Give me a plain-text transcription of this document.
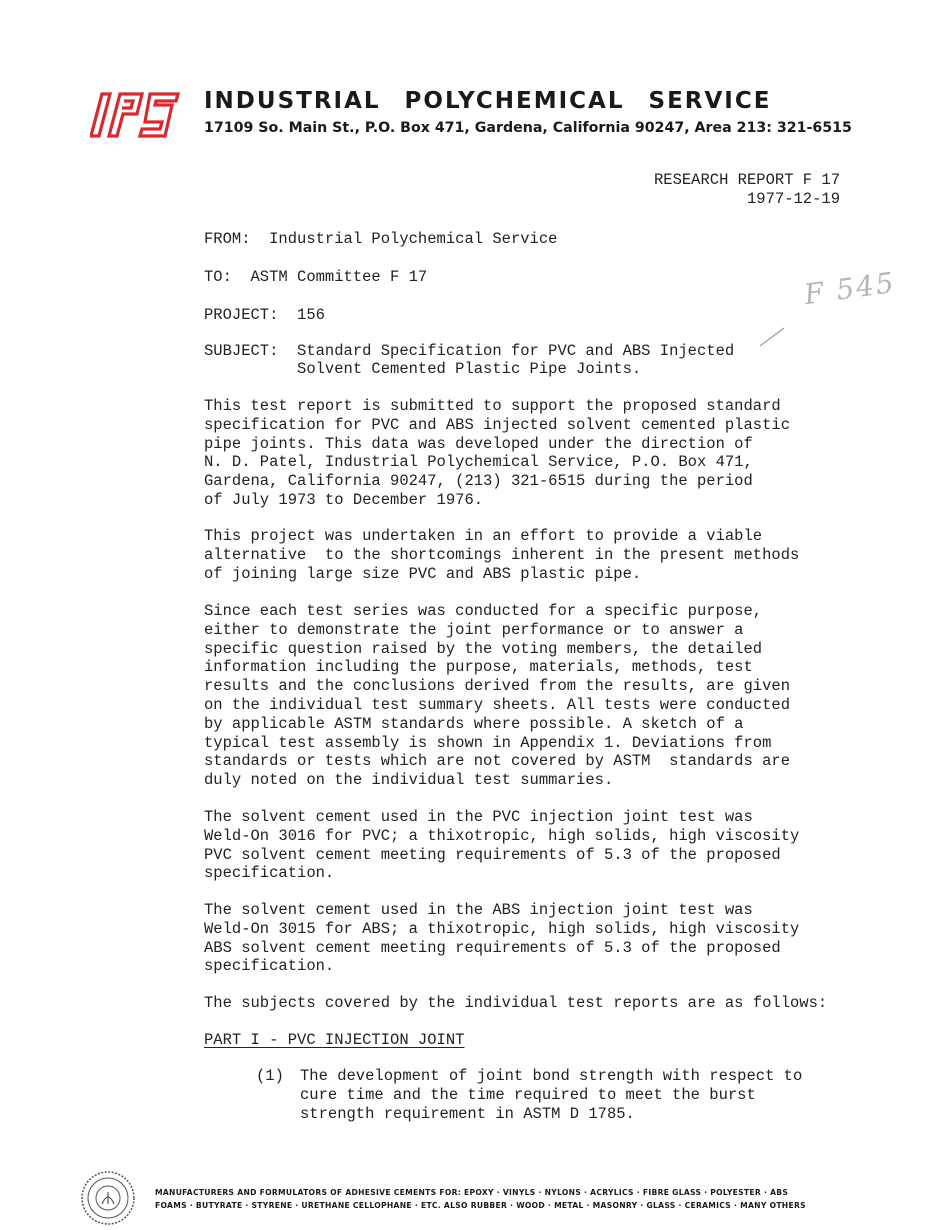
INDUSTRIAL POLYCHEMICAL SERVICE
17109 So. Main St., P.O. Box 471, Gardena, California 90247, Area 213: 321-6515
RESEARCH REPORT F 17
1977-12-19
FROM:  Industrial Polychemical Service
TO:  ASTM Committee F 17
PROJECT:  156
SUBJECT:  Standard Specification for PVC and ABS Injected
Solvent Cemented Plastic Pipe Joints.
F 545
This test report is submitted to support the proposed standard
specification for PVC and ABS injected solvent cemented plastic
pipe joints. This data was developed under the direction of
N. D. Patel, Industrial Polychemical Service, P.O. Box 471,
Gardena, California 90247, (213) 321-6515 during the period
of July 1973 to December 1976.
This project was undertaken in an effort to provide a viable
alternative  to the shortcomings inherent in the present methods
of joining large size PVC and ABS plastic pipe.
Since each test series was conducted for a specific purpose,
either to demonstrate the joint performance or to answer a
specific question raised by the voting members, the detailed
information including the purpose, materials, methods, test
results and the conclusions derived from the results, are given
on the individual test summary sheets. All tests were conducted
by applicable ASTM standards where possible. A sketch of a
typical test assembly is shown in Appendix 1. Deviations from
standards or tests which are not covered by ASTM  standards are
duly noted on the individual test summaries.
The solvent cement used in the PVC injection joint test was
Weld-On 3016 for PVC; a thixotropic, high solids, high viscosity
PVC solvent cement meeting requirements of 5.3 of the proposed
specification.
The solvent cement used in the ABS injection joint test was
Weld-On 3015 for ABS; a thixotropic, high solids, high viscosity
ABS solvent cement meeting requirements of 5.3 of the proposed
specification.
The subjects covered by the individual test reports are as follows:
PART I - PVC INJECTION JOINT
(1) The development of joint bond strength with respect to
cure time and the time required to meet the burst
strength requirement in ASTM D 1785.
MANUFACTURERS AND FORMULATORS OF ADHESIVE CEMENTS FOR: EPOXY · VINYLS · NYLONS · ACRYLICS · FIBRE GLASS · POLYESTER · ABS
FOAMS · BUTYRATE · STYRENE · URETHANE CELLOPHANE · ETC. ALSO RUBBER · WOOD · METAL · MASONRY · GLASS · CERAMICS · MANY OTHERS
